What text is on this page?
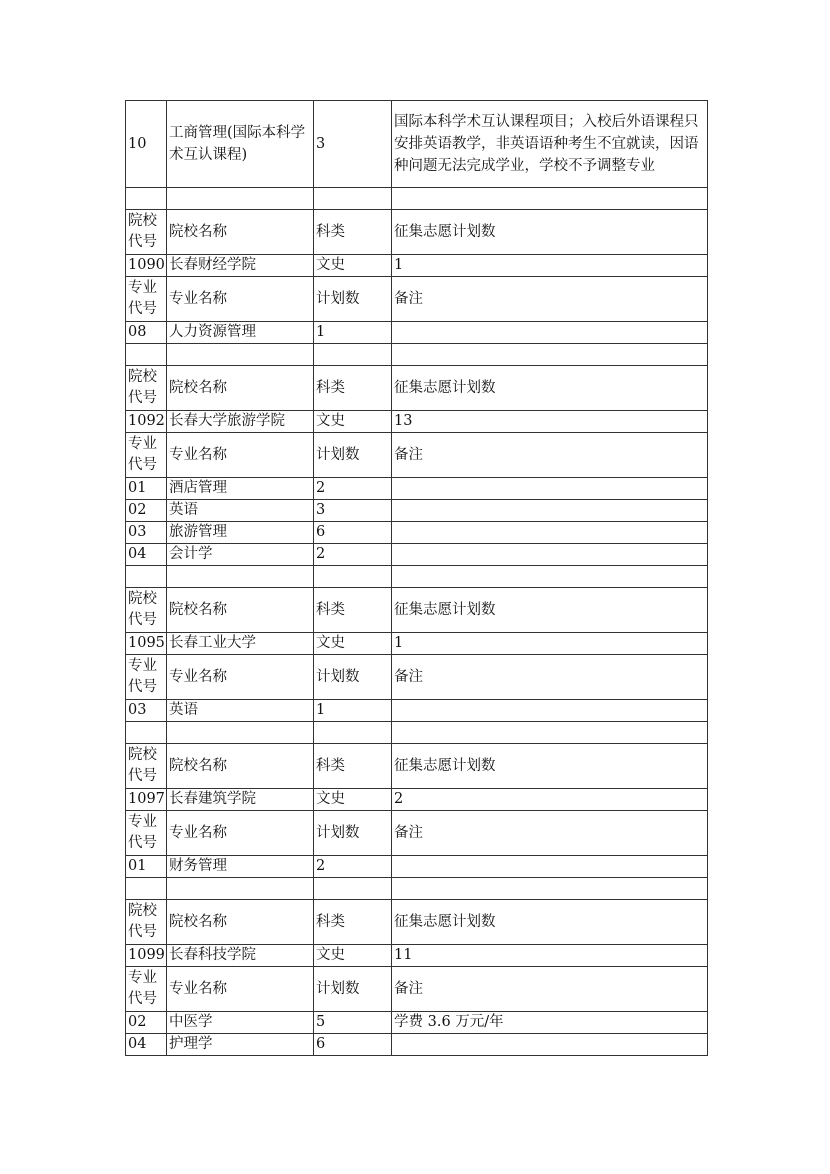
10	工商管理(国际本科学术互认课程)	3	国际本科学术互认课程项目；入校后外语课程只安排英语教学，非英语语种考生不宜就读，因语种问题无法完成学业，学校不予调整专业

院校
代号	院校名称	科类	征集志愿计划数
1090	长春财经学院	文史	1
专业
代号	专业名称	计划数	备注
08	人力资源管理	1	

院校
代号	院校名称	科类	征集志愿计划数
1092	长春大学旅游学院	文史	13
专业
代号	专业名称	计划数	备注
01	酒店管理	2	
02	英语	3	
03	旅游管理	6	
04	会计学	2	

院校
代号	院校名称	科类	征集志愿计划数
1095	长春工业大学	文史	1
专业
代号	专业名称	计划数	备注
03	英语	1	

院校
代号	院校名称	科类	征集志愿计划数
1097	长春建筑学院	文史	2
专业
代号	专业名称	计划数	备注
01	财务管理	2	

院校
代号	院校名称	科类	征集志愿计划数
1099	长春科技学院	文史	11
专业
代号	专业名称	计划数	备注
02	中医学	5	学费 3.6 万元/年
04	护理学	6	
